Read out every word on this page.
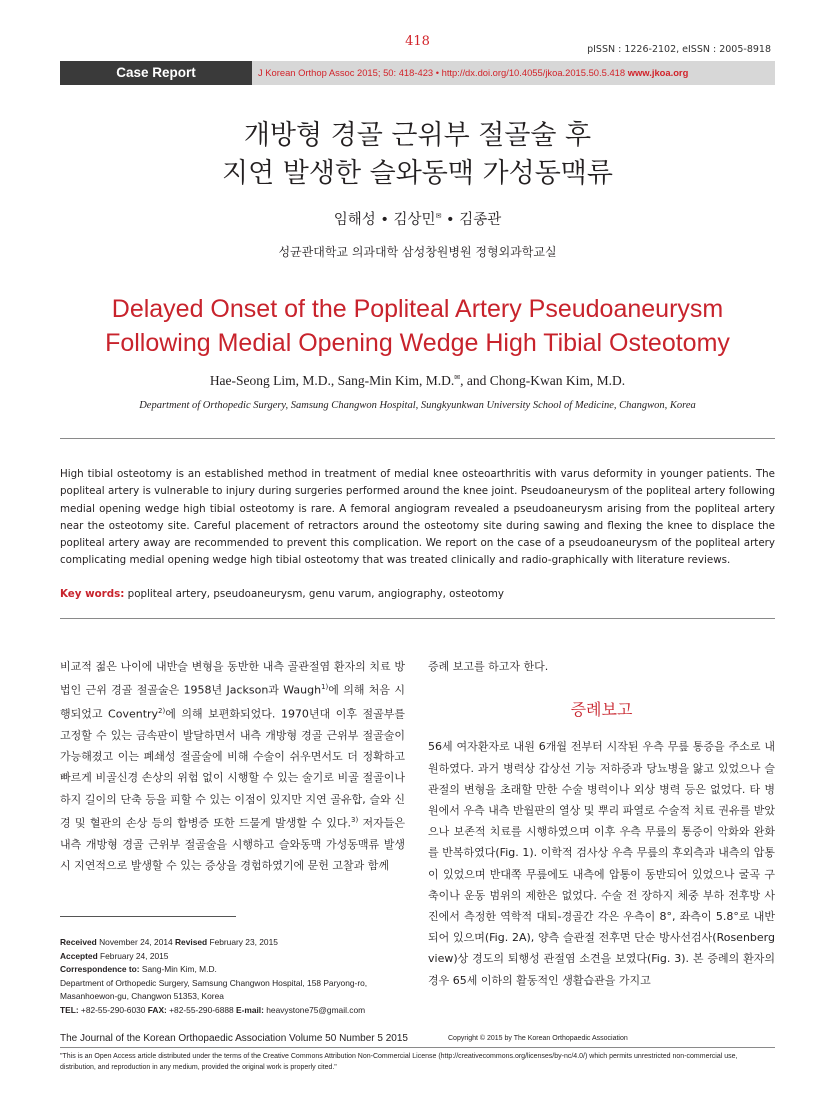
418
pISSN : 1226-2102, eISSN : 2005-8918
Case Report	J Korean Orthop Assoc 2015; 50: 418-423 • http://dx.doi.org/10.4055/jkoa.2015.50.5.418 www.jkoa.org
개방형 경골 근위부 절골술 후
지연 발생한 슬와동맥 가성동맥류
임해성 • 김상민✉ • 김종관
성균관대학교 의과대학 삼성창원병원 정형외과학교실
Delayed Onset of the Popliteal Artery Pseudoaneurysm
Following Medial Opening Wedge High Tibial Osteotomy
Hae-Seong Lim, M.D., Sang-Min Kim, M.D.✉, and Chong-Kwan Kim, M.D.
Department of Orthopedic Surgery, Samsung Changwon Hospital, Sungkyunkwan University School of Medicine, Changwon, Korea
High tibial osteotomy is an established method in treatment of medial knee osteoarthritis with varus deformity in younger patients. The popliteal artery is vulnerable to injury during surgeries performed around the knee joint. Pseudoaneurysm of the popliteal artery following medial opening wedge high tibial osteotomy is rare. A femoral angiogram revealed a pseudoaneurysm arising from the popliteal artery near the osteotomy site. Careful placement of retractors around the osteotomy site during sawing and flexing the knee to displace the popliteal artery away are recommended to prevent this complication. We report on the case of a pseudoaneurysm of the popliteal artery complicating medial opening wedge high tibial osteotomy that was treated clinically and radio-graphically with literature reviews.
Key words: popliteal artery, pseudoaneurysm, genu varum, angiography, osteotomy
비교적 젊은 나이에 내반슬 변형을 동반한 내측 골관절염 환자의 치료 방법인 근위 경골 절골술은 1958년 Jackson과 Waugh$^{1)}$에 의해 처음 시행되었고 Coventry$^{2)}$에 의해 보편화되었다. 1970년대 이후 절골부를 고정할 수 있는 금속판이 발달하면서 내측 개방형 경골 근위부 절골술이 가능해졌고 이는 폐쇄성 절골술에 비해 수술이 쉬우면서도 더 정확하고 빠르게 비골신경 손상의 위험 없이 시행할 수 있는 술기로 비골 절골이나 하지 길이의 단축 등을 피할 수 있는 이점이 있지만 지연 골유합, 슬와 신경 및 혈관의 손상 등의 합병증 또한 드물게 발생할 수 있다.$^{3)}$ 저자들은 내측 개방형 경골 근위부 절골술을 시행하고 슬와동맥 가성동맥류 발생 시 지연적으로 발생할 수 있는 증상을 경험하였기에 문헌 고찰과 함께
증례 보고를 하고자 한다.
증례보고
56세 여자환자로 내원 6개월 전부터 시작된 우측 무릎 통증을 주소로 내원하였다. 과거 병력상 갑상선 기능 저하증과 당뇨병을 앓고 있었으나 슬관절의 변형을 초래할 만한 수술 병력이나 외상 병력 등은 없었다. 타 병원에서 우측 내측 반월판의 열상 및 뿌리 파열로 수술적 치료 권유를 받았으나 보존적 치료를 시행하였으며 이후 우측 무릎의 통증이 악화와 완화를 반복하였다(Fig. 1). 이학적 검사상 우측 무릎의 후외측과 내측의 압통이 있었으며 반대쪽 무릎에도 내측에 압통이 동반되어 있었으나 굴곡 구축이나 운동 범위의 제한은 없었다. 수술 전 장하지 체중 부하 전후방 사진에서 측정한 역학적 대퇴-경골간 각은 우측이 8°, 좌측이 5.8°로 내반되어 있으며(Fig. 2A), 양측 슬관절 전후면 단순 방사선검사(Rosenberg view)상 경도의 퇴행성 관절염 소견을 보였다(Fig. 3). 본 증례의 환자의 경우 65세 이하의 활동적인 생활습관을 가지고
Received November 24, 2014 Revised February 23, 2015
Accepted February 24, 2015
Correspondence to: Sang-Min Kim, M.D.
Department of Orthopedic Surgery, Samsung Changwon Hospital, 158 Paryong-ro,
Masanhoewon-gu, Changwon 51353, Korea
TEL: +82-55-290-6030 FAX: +82-55-290-6888 E-mail: heavystone75@gmail.com
The Journal of the Korean Orthopaedic Association Volume 50 Number 5 2015	Copyright © 2015 by The Korean Orthopaedic Association
"This is an Open Access article distributed under the terms of the Creative Commons Attribution Non-Commercial License (http://creativecommons.org/licenses/by-nc/4.0/) which permits unrestricted non-commercial use, distribution, and reproduction in any medium, provided the original work is properly cited."
